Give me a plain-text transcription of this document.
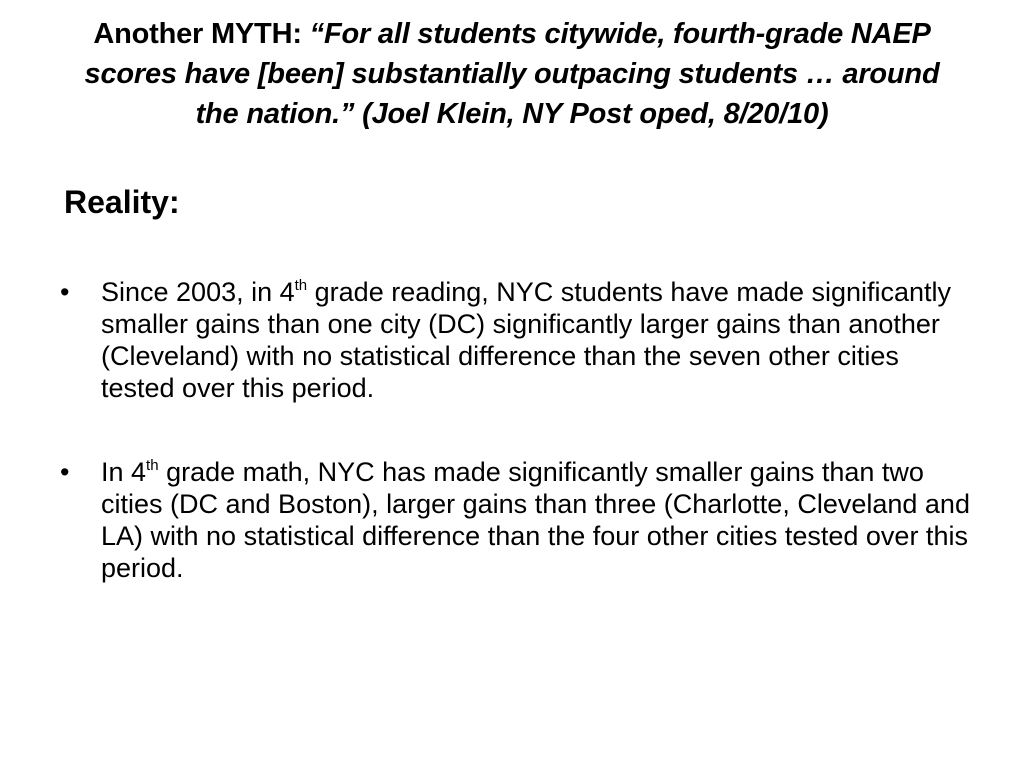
Another MYTH: “For all students citywide, fourth-grade NAEP scores have [been] substantially outpacing students … around the nation.” (Joel Klein, NY Post oped, 8/20/10)
Reality:
• Since 2003, in 4th grade reading, NYC students have made significantly smaller gains than one city (DC) significantly larger gains than another (Cleveland) with no statistical difference than the seven other cities tested over this period.
• In 4th grade math, NYC has made significantly smaller gains than two cities (DC and Boston), larger gains than three (Charlotte, Cleveland and LA) with no statistical difference than the four other cities tested over this period.
